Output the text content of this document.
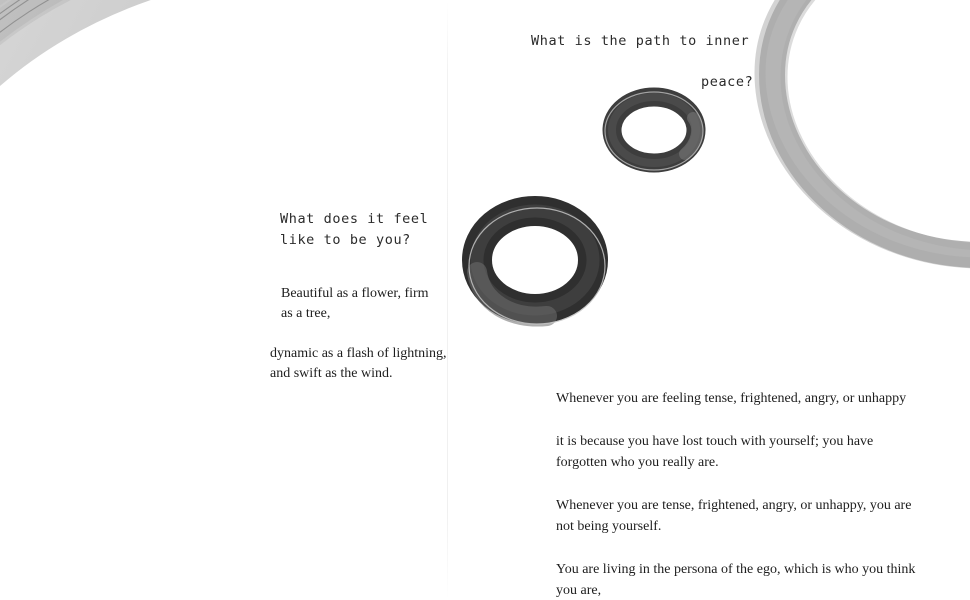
What is the path to inner
peace?
What does it feel
like to be you?

Beautiful as a flower, firm

as a tree,

dynamic as a flash of lightning,

and swift as the wind.

Whenever you are feeling tense, frightened, angry, or unhappy

it is because you have lost touch with yourself; you have forgotten who you really are.

Whenever you are tense, frightened, angry, or unhappy, you are not being yourself.

You are living in the persona of the ego, which is who you think you are,
